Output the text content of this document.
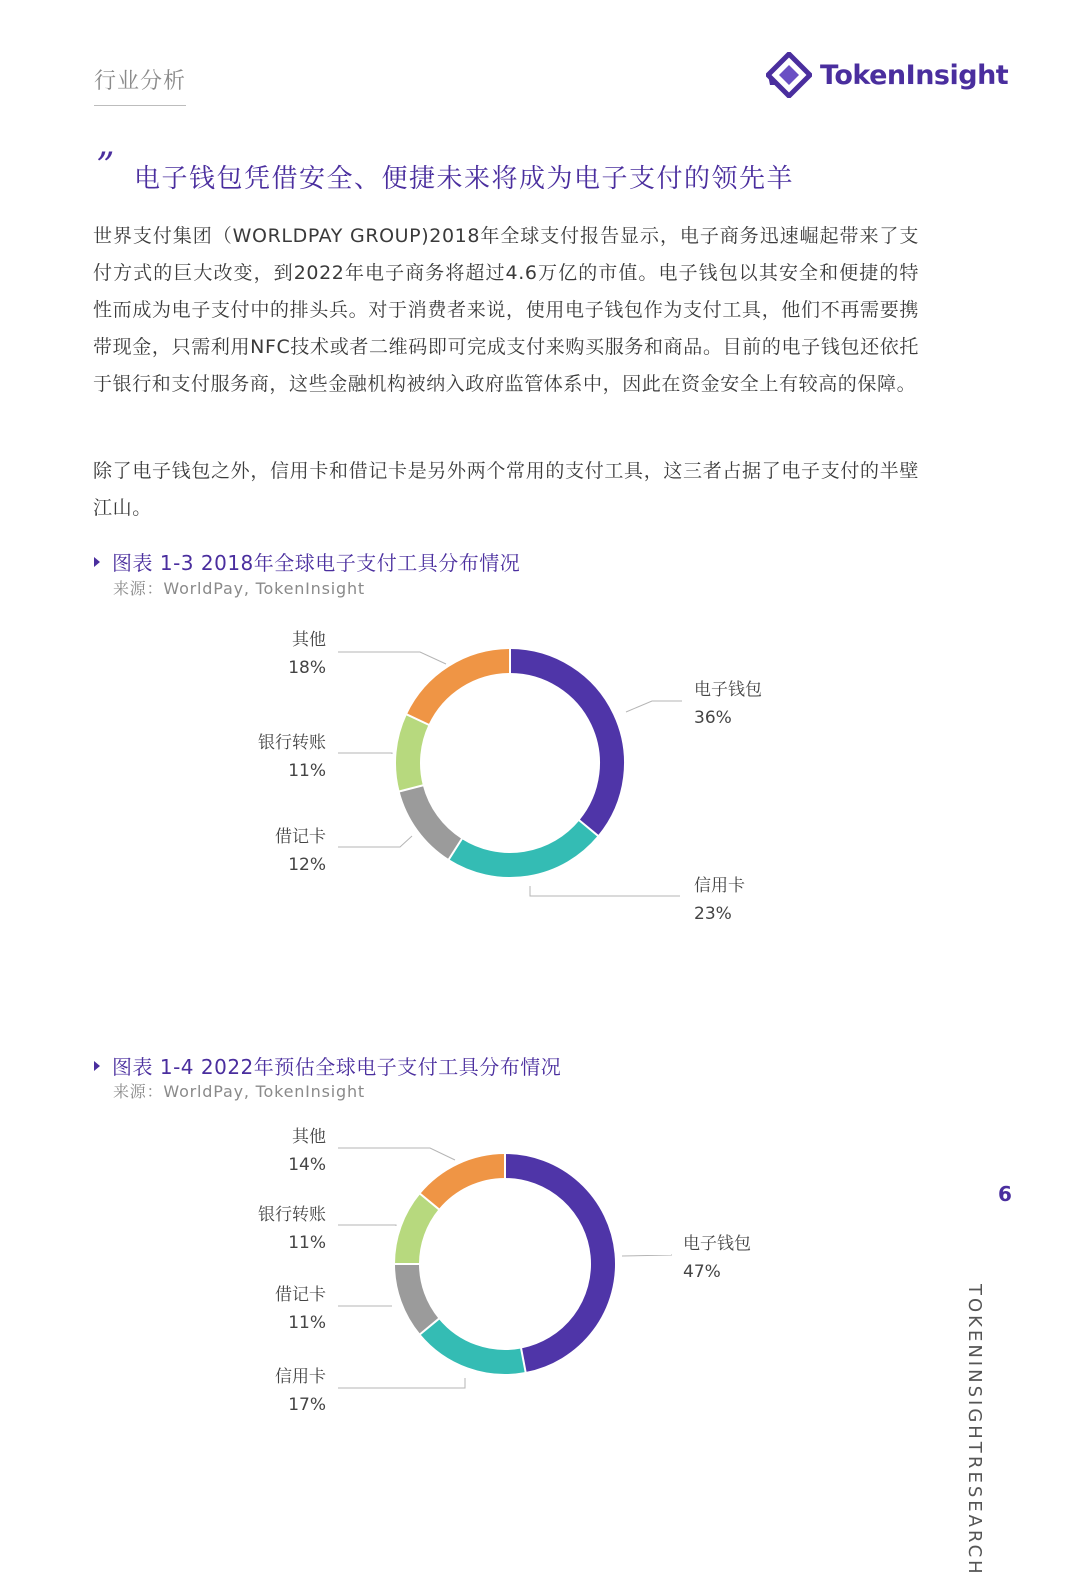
行业分析	TokenInsight
” 电子钱包凭借安全、便捷未来将成为电子支付的领先羊

世界支付集团（WORLDPAY GROUP)2018年全球支付报告显示，电子商务迅速崛起带来了支付方式的巨大改变，到2022年电子商务将超过4.6万亿的市值。电子钱包以其安全和便捷的特性而成为电子支付中的排头兵。对于消费者来说，使用电子钱包作为支付工具，他们不再需要携带现金，只需利用NFC技术或者二维码即可完成支付来购买服务和商品。目前的电子钱包还依托于银行和支付服务商，这些金融机构被纳入政府监管体系中，因此在资金安全上有较高的保障。

除了电子钱包之外，信用卡和借记卡是另外两个常用的支付工具，这三者占据了电子支付的半壁江山。

图表 1-3 2018年全球电子支付工具分布情况
来源：WorldPay, TokenInsight
电子钱包
36%
信用卡
23%
借记卡
12%
银行转账
11%
其他
18%
图表 1-4 2022年预估全球电子支付工具分布情况
来源：WorldPay, TokenInsight
电子钱包
47%
信用卡
17%
借记卡
11%
银行转账
11%
其他
14%
6
TOKENINSIGHT
RESEARCH
